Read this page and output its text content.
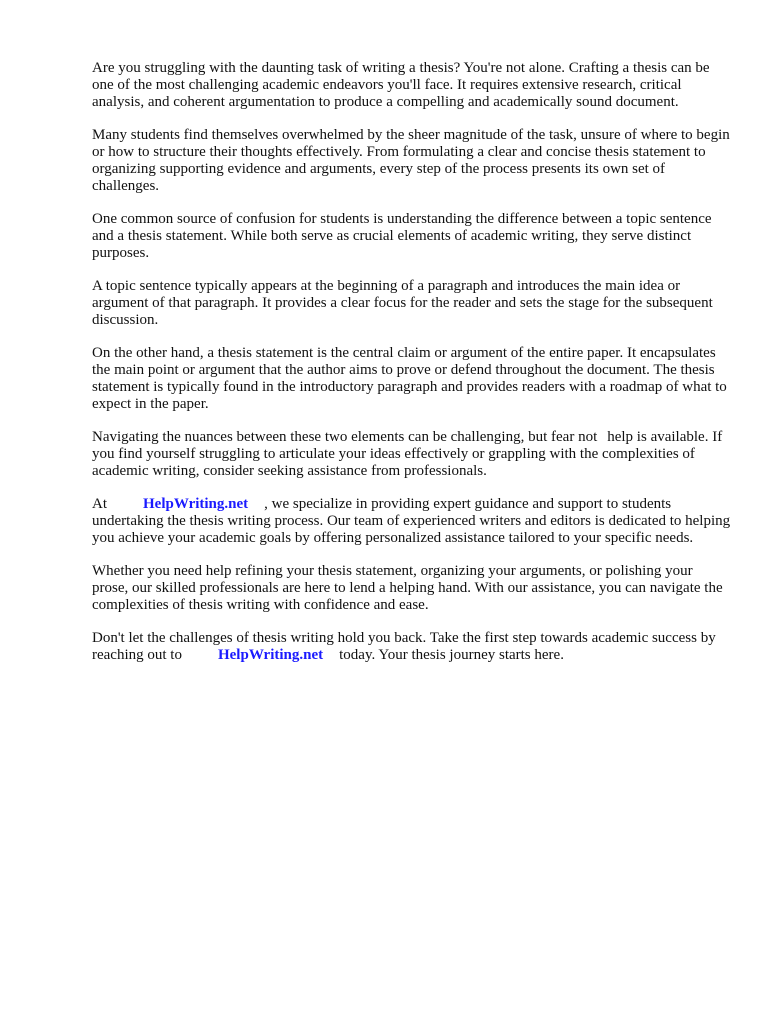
Are you struggling with the daunting task of writing a thesis? You're not alone. Crafting a thesis can be one of the most challenging academic endeavors you'll face. It requires extensive research, critical analysis, and coherent argumentation to produce a compelling and academically sound document.

Many students find themselves overwhelmed by the sheer magnitude of the task, unsure of where to begin or how to structure their thoughts effectively. From formulating a clear and concise thesis statement to organizing supporting evidence and arguments, every step of the process presents its own set of challenges.

One common source of confusion for students is understanding the difference between a topic sentence and a thesis statement. While both serve as crucial elements of academic writing, they serve distinct purposes.

A topic sentence typically appears at the beginning of a paragraph and introduces the main idea or argument of that paragraph. It provides a clear focus for the reader and sets the stage for the subsequent discussion.

On the other hand, a thesis statement is the central claim or argument of the entire paper. It encapsulates the main point or argument that the author aims to prove or defend throughout the document. The thesis statement is typically found in the introductory paragraph and provides readers with a roadmap of what to expect in the paper.

Navigating the nuances between these two elements can be challenging, but fear not help is available. If you find yourself struggling to articulate your ideas effectively or grappling with the complexities of academic writing, consider seeking assistance from professionals.

At HelpWriting.net , we specialize in providing expert guidance and support to students undertaking the thesis writing process. Our team of experienced writers and editors is dedicated to helping you achieve your academic goals by offering personalized assistance tailored to your specific needs.

Whether you need help refining your thesis statement, organizing your arguments, or polishing your prose, our skilled professionals are here to lend a helping hand. With our assistance, you can navigate the complexities of thesis writing with confidence and ease.

Don't let the challenges of thesis writing hold you back. Take the first step towards academic success by reaching out to HelpWriting.net today. Your thesis journey starts here.
